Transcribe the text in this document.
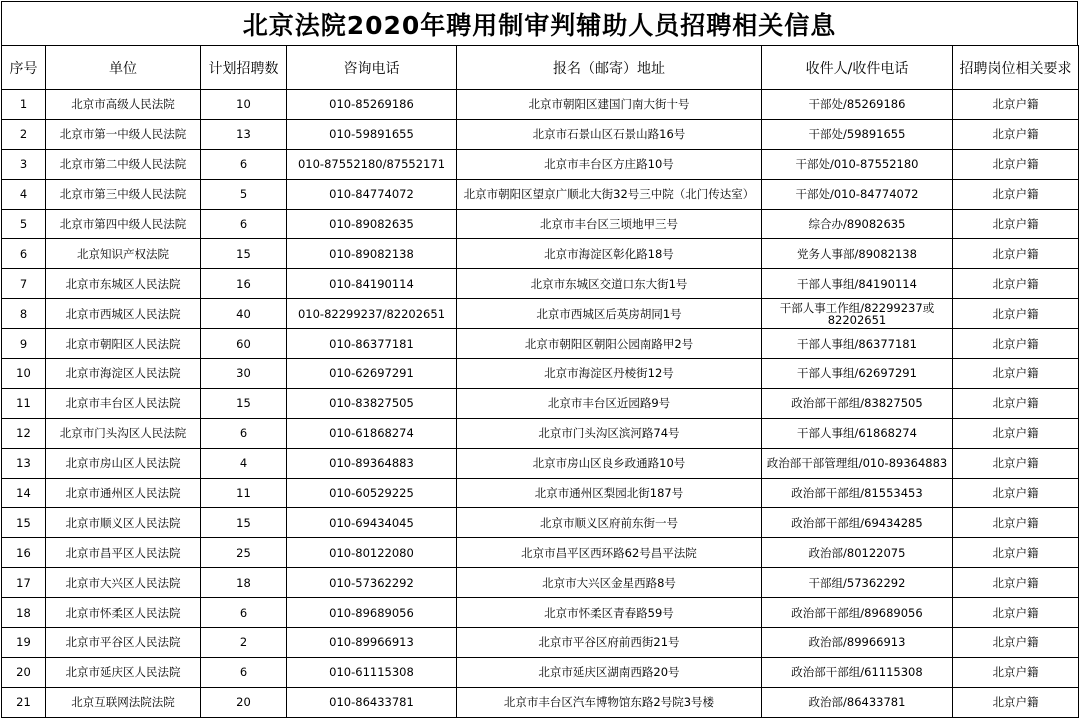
北京法院2020年聘用制审判辅助人员招聘相关信息
序号	单位	计划招聘数	咨询电话	报名（邮寄）地址	收件人/收件电话	招聘岗位相关要求
1	北京市高级人民法院	10	010-85269186	北京市朝阳区建国门南大街十号	干部处/85269186	北京户籍
2	北京市第一中级人民法院	13	010-59891655	北京市石景山区石景山路16号	干部处/59891655	北京户籍
3	北京市第二中级人民法院	6	010-87552180/87552171	北京市丰台区方庄路10号	干部处/010-87552180	北京户籍
4	北京市第三中级人民法院	5	010-84774072	北京市朝阳区望京广顺北大街32号三中院（北门传达室）	干部处/010-84774072	北京户籍
5	北京市第四中级人民法院	6	010-89082635	北京市丰台区三顷地甲三号	综合办/89082635	北京户籍
6	北京知识产权法院	15	010-89082138	北京市海淀区彰化路18号	党务人事部/89082138	北京户籍
7	北京市东城区人民法院	16	010-84190114	北京市东城区交道口东大街1号	干部人事组/84190114	北京户籍
8	北京市西城区人民法院	40	010-82299237/82202651	北京市西城区后英房胡同1号	干部人事工作组/82299237或82202651	北京户籍
9	北京市朝阳区人民法院	60	010-86377181	北京市朝阳区朝阳公园南路甲2号	干部人事组/86377181	北京户籍
10	北京市海淀区人民法院	30	010-62697291	北京市海淀区丹棱街12号	干部人事组/62697291	北京户籍
11	北京市丰台区人民法院	15	010-83827505	北京市丰台区近园路9号	政治部干部组/83827505	北京户籍
12	北京市门头沟区人民法院	6	010-61868274	北京市门头沟区滨河路74号	干部人事组/61868274	北京户籍
13	北京市房山区人民法院	4	010-89364883	北京市房山区良乡政通路10号	政治部干部管理组/010-89364883	北京户籍
14	北京市通州区人民法院	11	010-60529225	北京市通州区梨园北街187号	政治部干部组/81553453	北京户籍
15	北京市顺义区人民法院	15	010-69434045	北京市顺义区府前东街一号	政治部干部组/69434285	北京户籍
16	北京市昌平区人民法院	25	010-80122080	北京市昌平区西环路62号昌平法院	政治部/80122075	北京户籍
17	北京市大兴区人民法院	18	010-57362292	北京市大兴区金星西路8号	干部组/57362292	北京户籍
18	北京市怀柔区人民法院	6	010-89689056	北京市怀柔区青春路59号	政治部干部组/89689056	北京户籍
19	北京市平谷区人民法院	2	010-89966913	北京市平谷区府前西街21号	政治部/89966913	北京户籍
20	北京市延庆区人民法院	6	010-61115308	北京市延庆区湖南西路20号	政治部干部组/61115308	北京户籍
21	北京互联网法院法院	20	010-86433781	北京市丰台区汽车博物馆东路2号院3号楼	政治部/86433781	北京户籍
